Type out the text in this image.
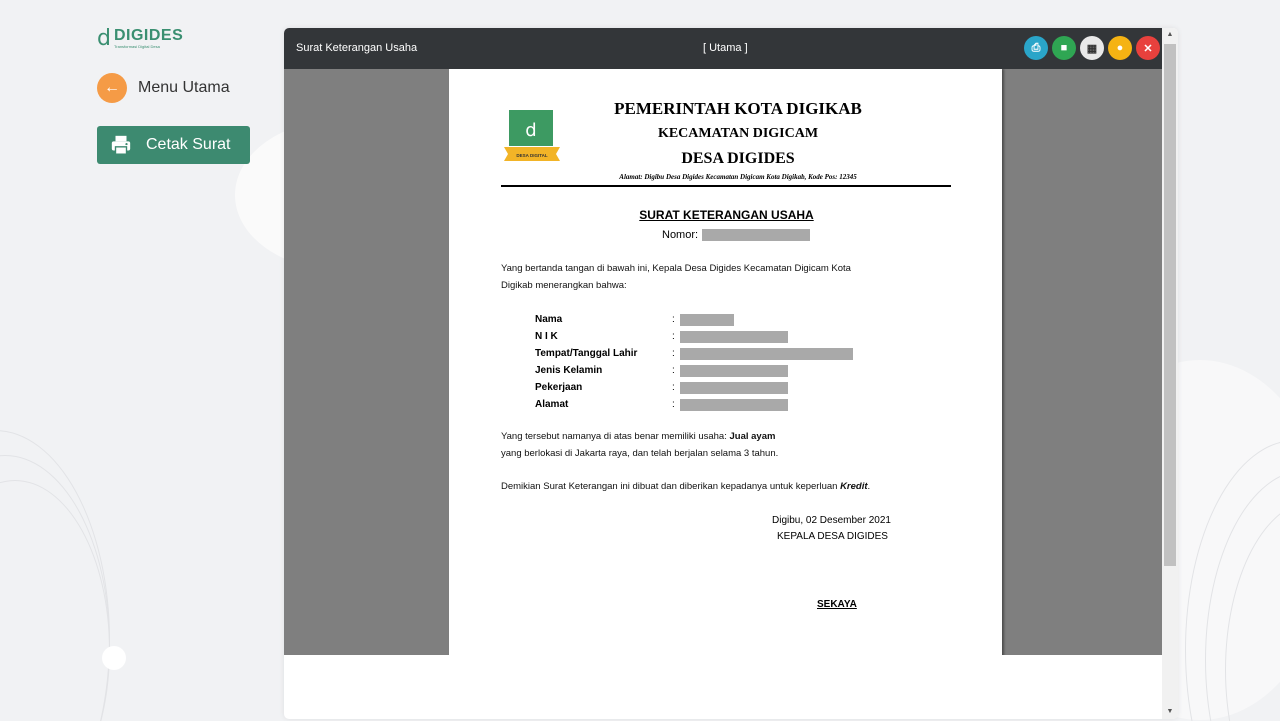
d DIGIDES
Transformasi Digital Desa
←	Menu Utama
Cetak Surat
Surat Keterangan Usaha	[ Utama ]	⎙	■	▦	●	✕
d
DESA DIGITAL
PEMERINTAH KOTA DIGIKAB
KECAMATAN DIGICAM
DESA DIGIDES
Alamat: Digibu Desa Digides Kecamatan Digicam Kota Digikab, Kode Pos: 12345
SURAT KETERANGAN USAHA
Nomor:
Yang bertanda tangan di bawah ini, Kepala Desa Digides Kecamatan Digicam Kota
Digikab menerangkan bahwa:
Nama	:
N I K	:
Tempat/Tanggal Lahir	:
Jenis Kelamin	:
Pekerjaan	:
Alamat	:
Yang tersebut namanya di atas benar memiliki usaha: Jual ayam
yang berlokasi di Jakarta raya, dan telah berjalan selama 3 tahun.
Demikian Surat Keterangan ini dibuat dan diberikan kepadanya untuk keperluan Kredit.
Digibu, 02 Desember 2021
KEPALA DESA DIGIDES
SEKAYA
▲
▼
